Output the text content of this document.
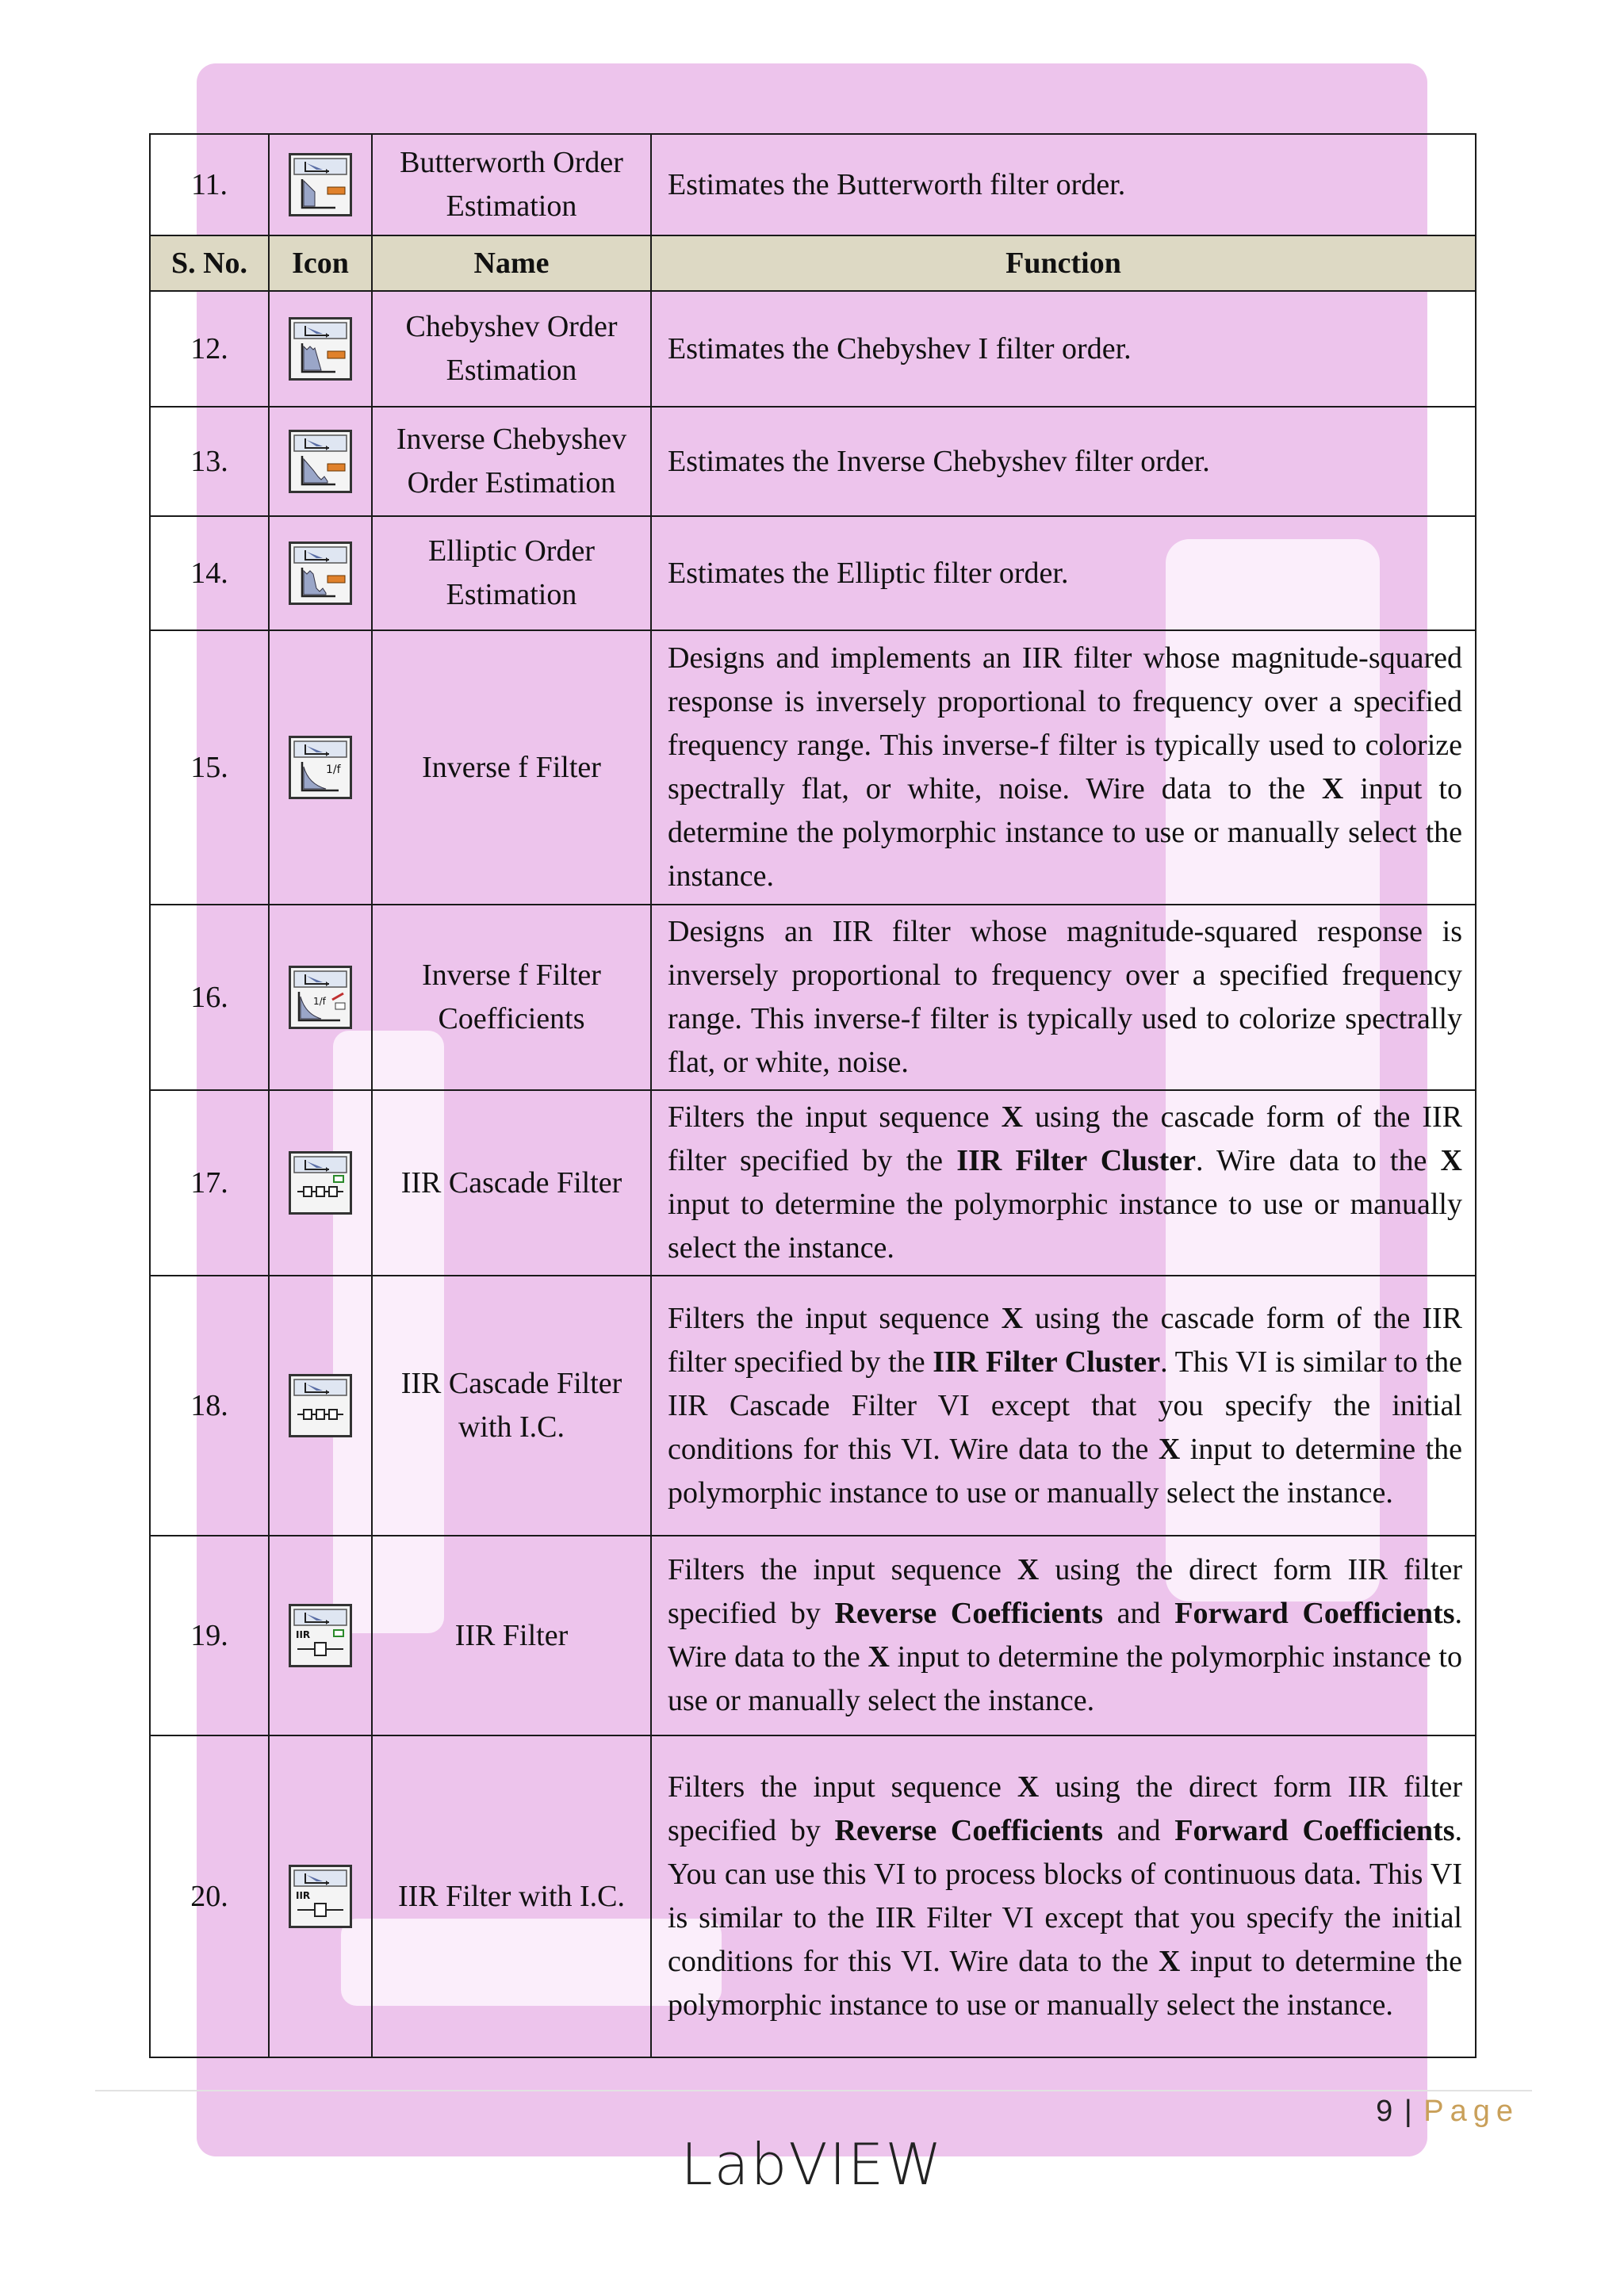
11.		Butterworth Order Estimation	Estimates the Butterworth filter order.
S. No.	Icon	Name	Function
12.		Chebyshev Order Estimation	Estimates the Chebyshev I filter order.
13.		Inverse Chebyshev Order Estimation	Estimates the Inverse Chebyshev filter order.
14.		Elliptic Order Estimation	Estimates the Elliptic filter order.
15.	1/f	Inverse f Filter	Designs and implements an IIR filter whose magnitude-squared response is inversely proportional to frequency over a specified frequency range. This inverse-f filter is typically used to colorize spectrally flat, or white, noise. Wire data to the X input to determine the polymorphic instance to use or manually select the instance.
16.	1/f	Inverse f Filter Coefficients	Designs an IIR filter whose magnitude-squared response is inversely proportional to frequency over a specified frequency range. This inverse-f filter is typically used to colorize spectrally flat, or white, noise.
17.		IIR Cascade Filter	Filters the input sequence X using the cascade form of the IIR filter specified by the IIR Filter Cluster. Wire data to the X input to determine the polymorphic instance to use or manually select the instance.
18.		IIR Cascade Filter with I.C.	Filters the input sequence X using the cascade form of the IIR filter specified by the IIR Filter Cluster. This VI is similar to the IIR Cascade Filter VI except that you specify the initial conditions for this VI. Wire data to the X input to determine the polymorphic instance to use or manually select the instance.
19.	IIR	IIR Filter	Filters the input sequence X using the direct form IIR filter specified by Reverse Coefficients and Forward Coefficients. Wire data to the X input to determine the polymorphic instance to use or manually select the instance.
20.	IIR	IIR Filter with I.C.	Filters the input sequence X using the direct form IIR filter specified by Reverse Coefficients and Forward Coefficients. You can use this VI to process blocks of continuous data. This VI is similar to the IIR Filter VI except that you specify the initial conditions for this VI. Wire data to the X input to determine the polymorphic instance to use or manually select the instance.
9 | Page
LabVIEW
